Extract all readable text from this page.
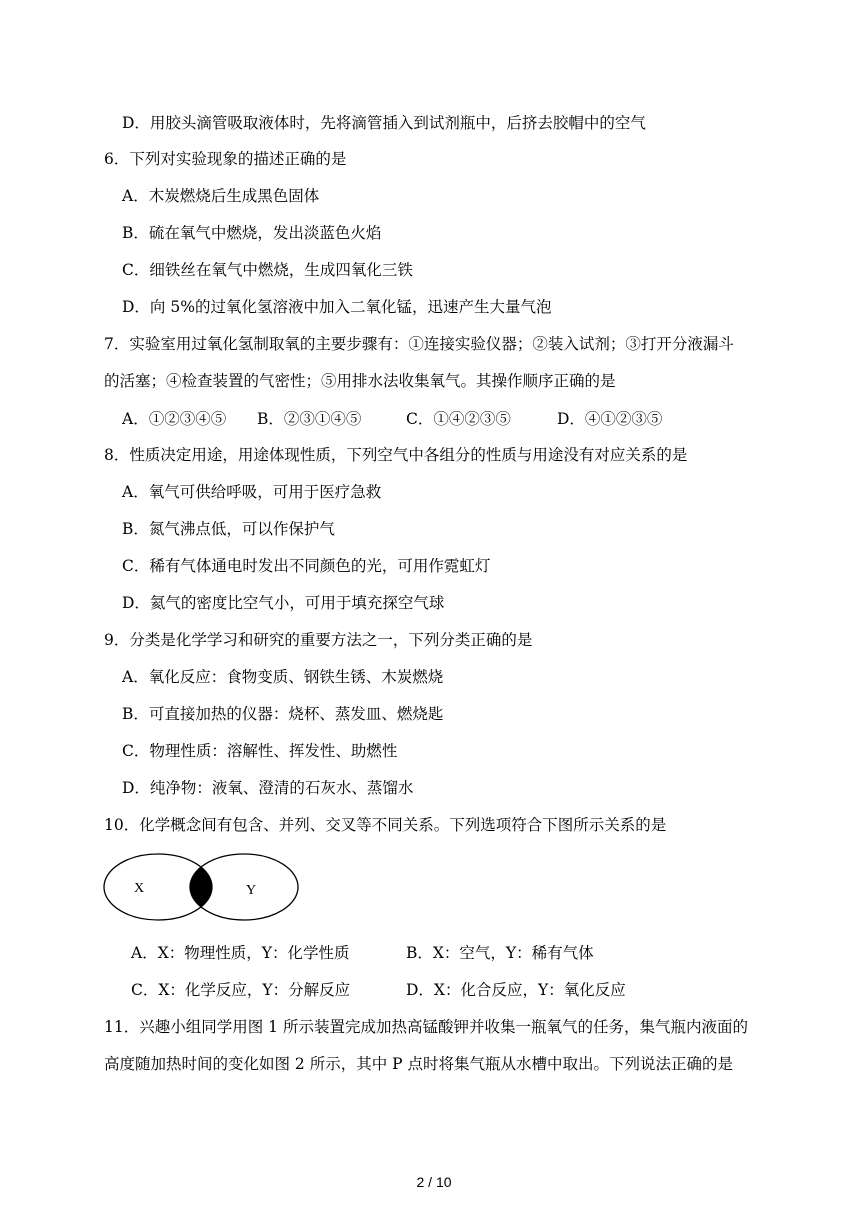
D．用胶头滴管吸取液体时，先将滴管插入到试剂瓶中，后挤去胶帽中的空气
6．下列对实验现象的描述正确的是
A．木炭燃烧后生成黑色固体
B．硫在氧气中燃烧，发出淡蓝色火焰
C．细铁丝在氧气中燃烧，生成四氧化三铁
D．向 5%的过氧化氢溶液中加入二氧化锰，迅速产生大量气泡
7．实验室用过氧化氢制取氧的主要步骤有：①连接实验仪器；②装入试剂；③打开分液漏斗
的活塞；④检查装置的气密性；⑤用排水法收集氧气。其操作顺序正确的是
A．①②③④⑤ B．②③①④⑤	C．①④②③⑤	D．④①②③⑤
8．性质决定用途，用途体现性质，下列空气中各组分的性质与用途没有对应关系的是
A．氧气可供给呼吸，可用于医疗急救
B．氮气沸点低，可以作保护气
C．稀有气体通电时发出不同颜色的光，可用作霓虹灯
D．氦气的密度比空气小，可用于填充探空气球
9．分类是化学学习和研究的重要方法之一，下列分类正确的是
A．氧化反应：食物变质、钢铁生锈、木炭燃烧
B．可直接加热的仪器：烧杯、蒸发皿、燃烧匙
C．物理性质：溶解性、挥发性、助燃性
D．纯净物：液氧、澄清的石灰水、蒸馏水
10．化学概念间有包含、并列、交叉等不同关系。下列选项符合下图所示关系的是
X	Y
A．X：物理性质，Y：化学性质	B．X：空气，Y：稀有气体
C．X：化学反应，Y：分解反应	D．X：化合反应，Y：氧化反应
11．兴趣小组同学用图 1 所示装置完成加热高锰酸钾并收集一瓶氧气的任务，集气瓶内液面的
高度随加热时间的变化如图 2 所示，其中 P 点时将集气瓶从水槽中取出。下列说法正确的是
2 / 10
